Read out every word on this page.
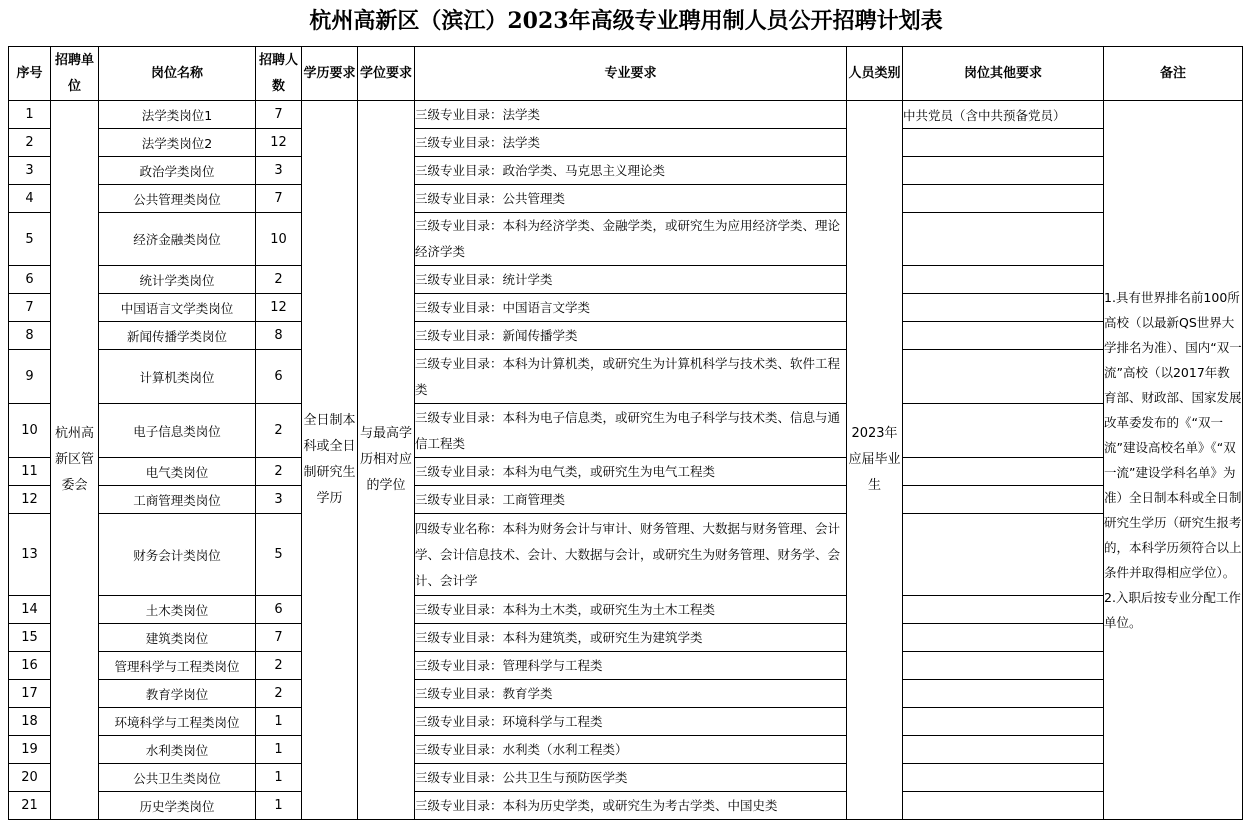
杭州高新区（滨江）2023年高级专业聘用制人员公开招聘计划表
序号	招聘单位	岗位名称	招聘人数	学历要求	学位要求	专业要求	人员类别	岗位其他要求	备注
1	杭州高新区管委会	法学类岗位1	7	全日制本科或全日制研究生学历	与最高学历相对应的学位	三级专业目录：法学类	2023年应届毕业生	中共党员（含中共预备党员）	1.具有世界排名前100所高校（以最新QS世界大学排名为准）、国内“双一流”高校（以2017年教育部、财政部、国家发展改革委发布的《“双一流”建设高校名单》《“双一流”建设学科名单》为准）全日制本科或全日制研究生学历（研究生报考的，本科学历须符合以上条件并取得相应学位）。2.入职后按专业分配工作单位。
2		法学类岗位2	12			三级专业目录：法学类			
3		政治学类岗位	3			三级专业目录：政治学类、马克思主义理论类			
4		公共管理类岗位	7			三级专业目录：公共管理类			
5		经济金融类岗位	10			三级专业目录：本科为经济学类、金融学类，或研究生为应用经济学类、理论经济学类			
6		统计学类岗位	2			三级专业目录：统计学类			
7		中国语言文学类岗位	12			三级专业目录：中国语言文学类			
8		新闻传播学类岗位	8			三级专业目录：新闻传播学类			
9		计算机类岗位	6			三级专业目录：本科为计算机类，或研究生为计算机科学与技术类、软件工程类			
10		电子信息类岗位	2			三级专业目录：本科为电子信息类，或研究生为电子科学与技术类、信息与通信工程类			
11		电气类岗位	2			三级专业目录：本科为电气类，或研究生为电气工程类			
12		工商管理类岗位	3			三级专业目录：工商管理类			
13		财务会计类岗位	5			四级专业名称：本科为财务会计与审计、财务管理、大数据与财务管理、会计学、会计信息技术、会计、大数据与会计，或研究生为财务管理、财务学、会计、会计学			
14		土木类岗位	6			三级专业目录：本科为土木类，或研究生为土木工程类			
15		建筑类岗位	7			三级专业目录：本科为建筑类，或研究生为建筑学类			
16		管理科学与工程类岗位	2			三级专业目录：管理科学与工程类			
17		教育学岗位	2			三级专业目录：教育学类			
18		环境科学与工程类岗位	1			三级专业目录：环境科学与工程类			
19		水利类岗位	1			三级专业目录：水利类（水利工程类）			
20		公共卫生类岗位	1			三级专业目录：公共卫生与预防医学类			
21		历史学类岗位	1			三级专业目录：本科为历史学类，或研究生为考古学类、中国史类			
